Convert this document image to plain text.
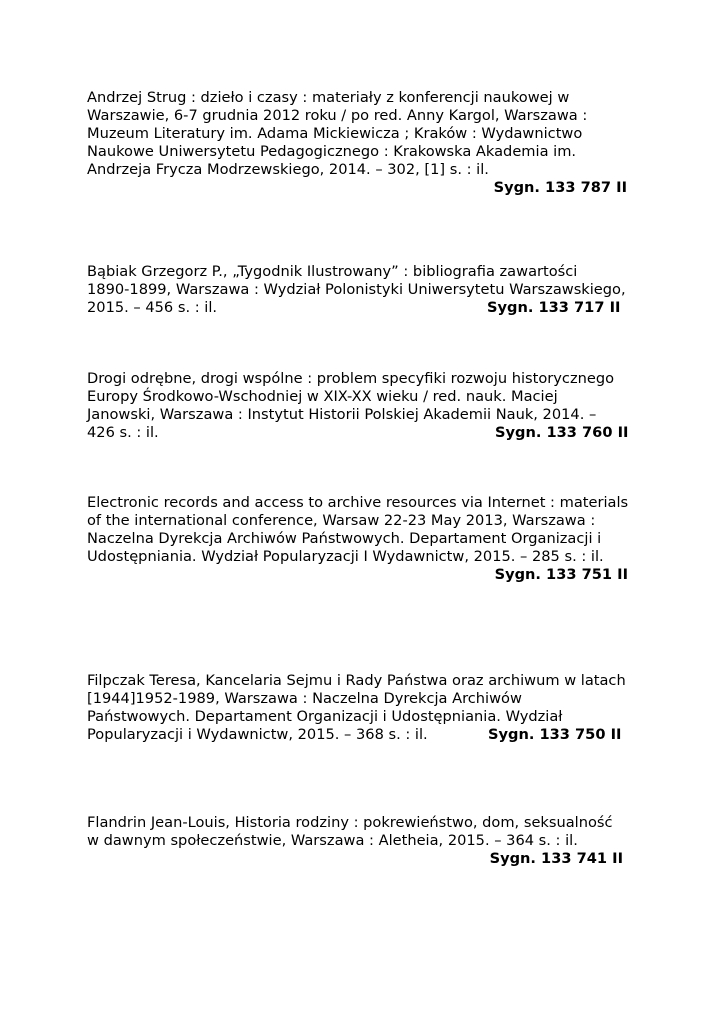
Andrzej Strug : dzieło i czasy : materiały z konferencji naukowej w
Warszawie, 6-7 grudnia 2012 roku / po red. Anny Kargol, Warszawa :
Muzeum Literatury im. Adama Mickiewicza ; Kraków : Wydawnictwo
Naukowe Uniwersytetu Pedagogicznego : Krakowska Akademia im.
Andrzeja Frycza Modrzewskiego, 2014. – 302, [1] s. : il.
Sygn. 133 787 II
Bąbiak Grzegorz P., „Tygodnik Ilustrowany” : bibliografia zawartości
1890-1899, Warszawa : Wydział Polonistyki Uniwersytetu Warszawskiego,
2015. – 456 s. : il.	Sygn. 133 717 II
Drogi odrębne, drogi wspólne : problem specyfiki rozwoju historycznego
Europy Środkowo-Wschodniej w XIX-XX wieku / red. nauk. Maciej
Janowski, Warszawa : Instytut Historii Polskiej Akademii Nauk, 2014. –
426 s. : il.	Sygn. 133 760 II
Electronic records and access to archive resources via Internet : materials
of the international conference, Warsaw 22-23 May 2013, Warszawa :
Naczelna Dyrekcja Archiwów Państwowych. Departament Organizacji i
Udostępniania. Wydział Popularyzacji I Wydawnictw, 2015. – 285 s. : il.
Sygn. 133 751 II
Filpczak Teresa, Kancelaria Sejmu i Rady Państwa oraz archiwum w latach
[1944]1952-1989, Warszawa : Naczelna Dyrekcja Archiwów
Państwowych. Departament Organizacji i Udostępniania. Wydział
Popularyzacji i Wydawnictw, 2015. – 368 s. : il.	Sygn. 133 750 II
Flandrin Jean-Louis, Historia rodziny : pokrewieństwo, dom, seksualność
w dawnym społeczeństwie, Warszawa : Aletheia, 2015. – 364 s. : il.
Sygn. 133 741 II
